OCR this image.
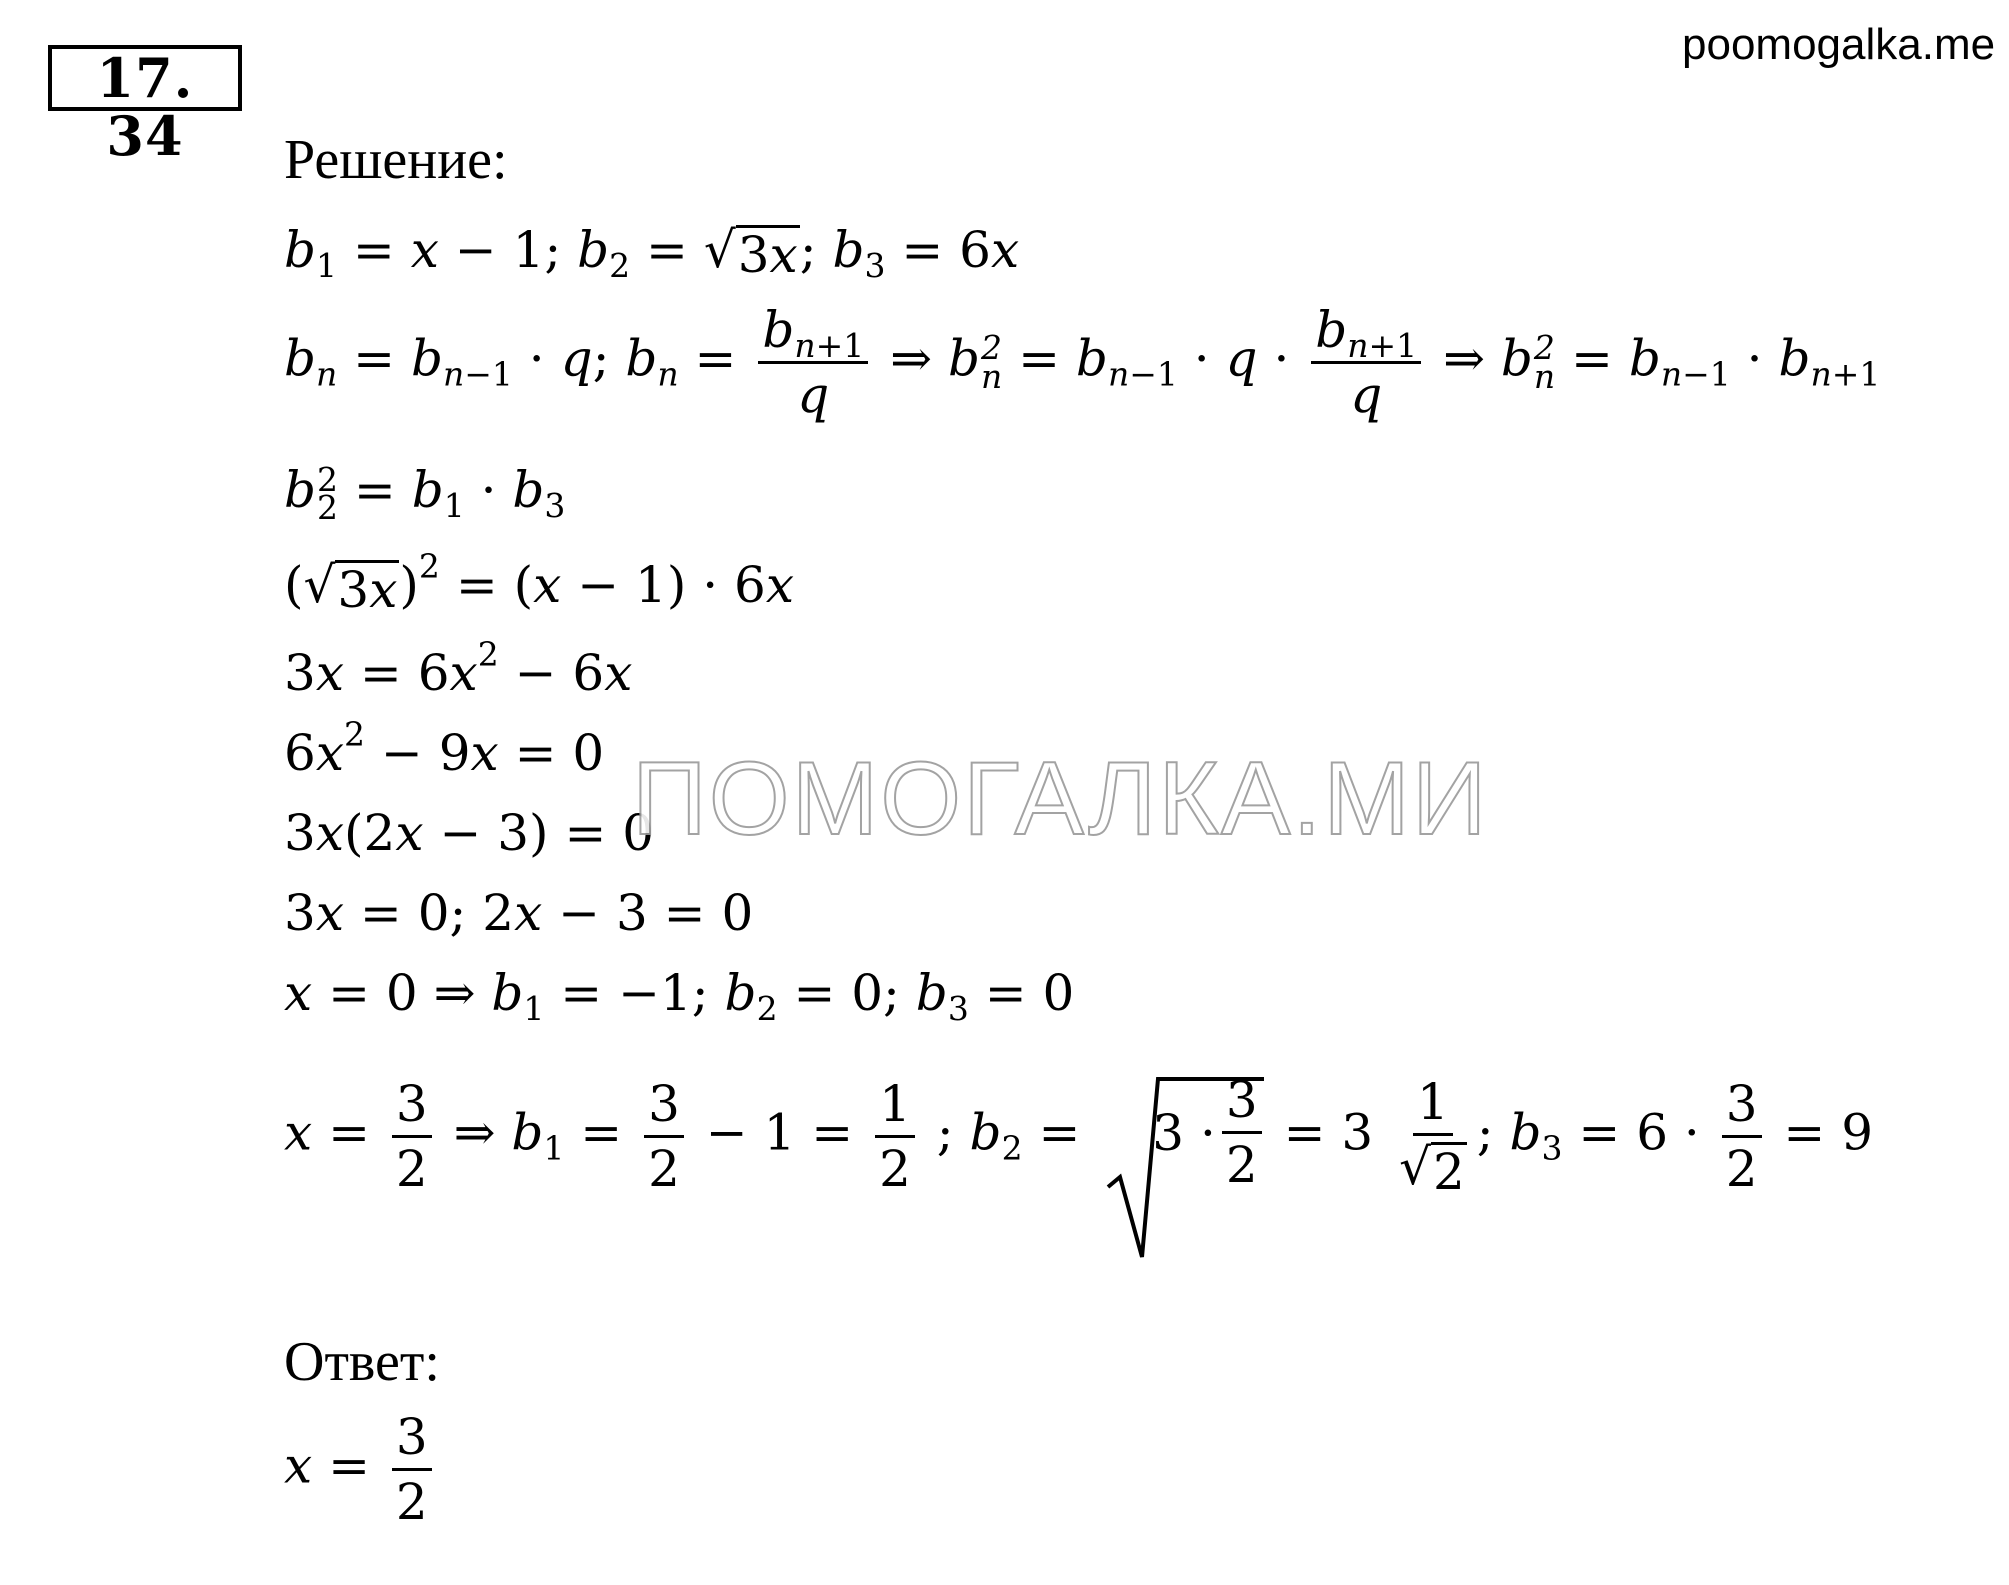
17. 34
poomogalka.me
Решение:
$b_1 = x - 1$; $b_2$ = √ 3x ; $b_3 = 6x$
$b_n = b_{n-1} \cdot q$; $b_n = \frac{b_{n+1}}{q}$ ⇒ b 2
$n = b_{n-1} \cdot q \cdot \frac{b_{n+1}}{q}$ ⇒ b 2
$n = b_{n-1} \cdot b_{n+1}$
b 2
$2 = b_1 \cdot b_3$
( √ 3x )$^2$ = (x − 1) · 6x
$3x = 6x^2 - 6x$
$6x^2 - 9x = 0$
3x(2x − 3) = 0
3x = 0; 2x − 3 = 0
x = 0 ⇒ $b_1 = -1$; $b_2 = 0$; $b_3 = 0$
$x = \frac{3}{2}$ ⇒ $b_1 = \frac{3}{2} - 1 = \frac{1}{2}$ ; $b_2$ =
$3 \cdot \frac{3}{2} = 3 \frac{1}{√ 2}$ ; $b_3 = 6 \cdot \frac{3}{2} = 9$
Ответ:
$x = \frac{3}{2}$
ПОМОГАЛКА.МИ
